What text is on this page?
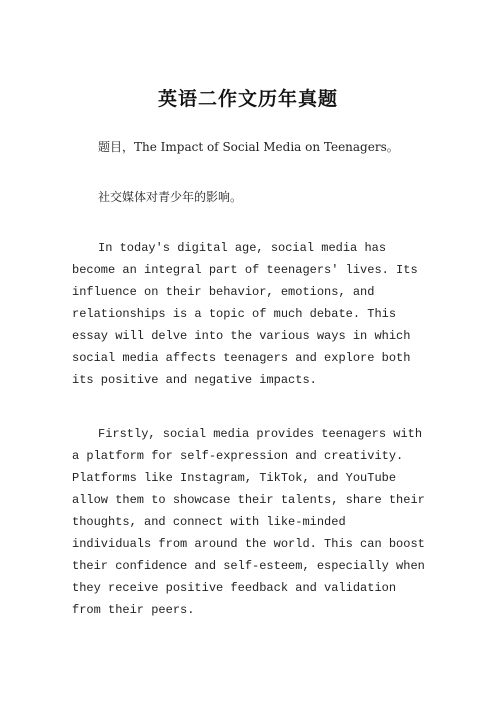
英语二作文历年真题

题目，The Impact of Social Media on Teenagers。

社交媒体对青少年的影响。

In today's digital age, social media has become an integral part of teenagers' lives. Its influence on their behavior, emotions, and relationships is a topic of much debate. This essay will delve into the various ways in which social media affects teenagers and explore both its positive and negative impacts.

Firstly, social media provides teenagers with a platform for self-expression and creativity. Platforms like Instagram, TikTok, and YouTube allow them to showcase their talents, share their thoughts, and connect with like-minded individuals from around the world. This can boost their confidence and self-esteem, especially when they receive positive feedback and validation from their peers.
